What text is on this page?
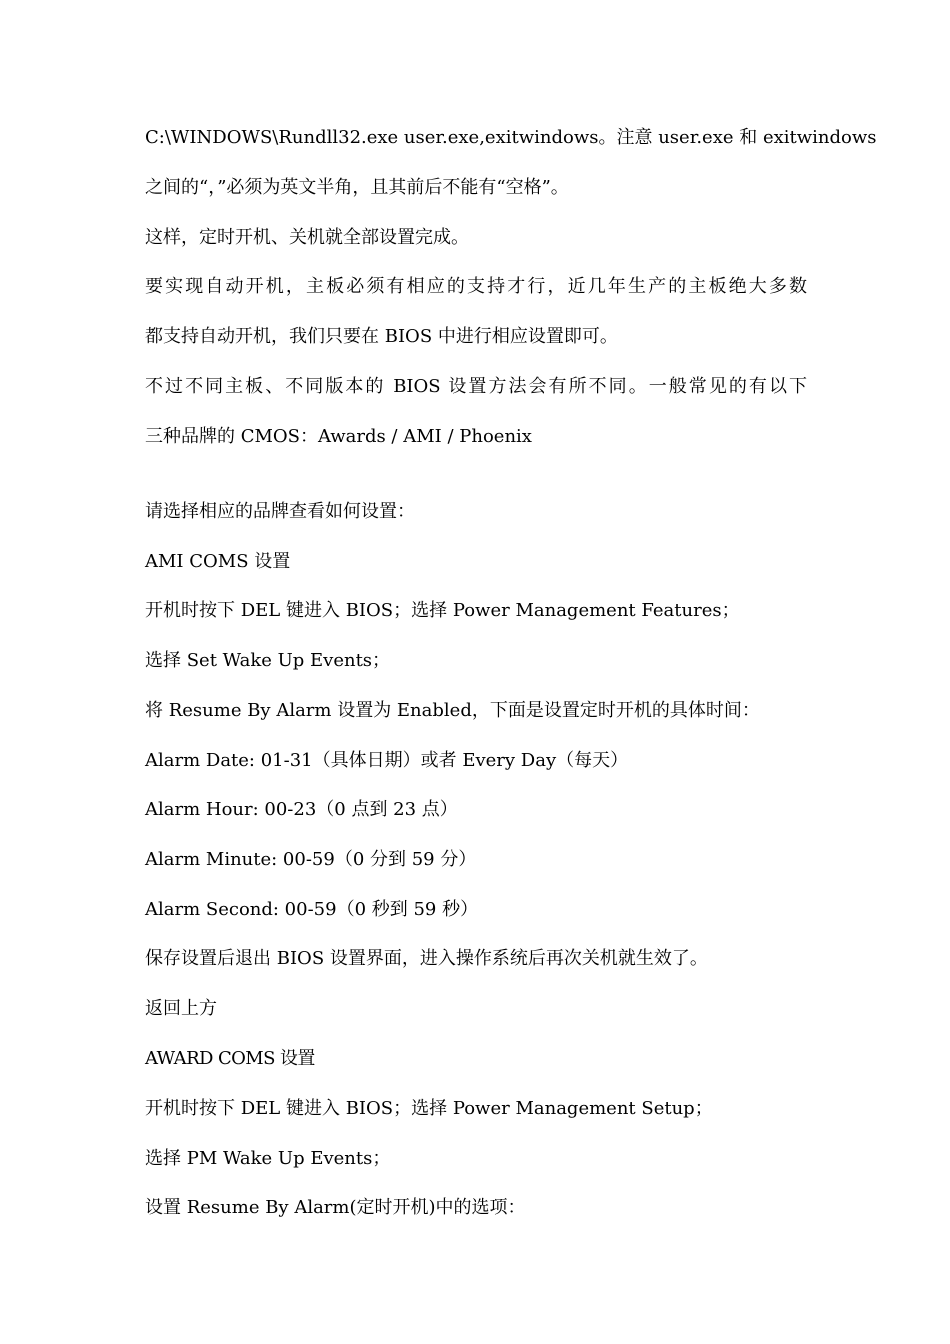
C:\WINDOWS\Rundll32.exe user.exe,exitwindows。注意 user.exe 和 exitwindows

之间的“，”必须为英文半角，且其前后不能有“空格”。

这样，定时开机、关机就全部设置完成。

要实现自动开机，主板必须有相应的支持才行，近几年生产的主板绝大多数

都支持自动开机，我们只要在 BIOS 中进行相应设置即可。

不过不同主板、不同版本的 BIOS 设置方法会有所不同。一般常见的有以下

三种品牌的 CMOS：Awards / AMI / Phoenix

请选择相应的品牌查看如何设置：

AMI COMS 设置

开机时按下 DEL 键进入 BIOS；选择 Power Management Features；

选择 Set Wake Up Events；

将 Resume By Alarm 设置为 Enabled，下面是设置定时开机的具体时间：

Alarm Date: 01-31（具体日期）或者 Every Day（每天）

Alarm Hour: 00-23（0 点到 23 点）

Alarm Minute: 00-59（0 分到 59 分）

Alarm Second: 00-59（0 秒到 59 秒）

保存设置后退出 BIOS 设置界面，进入操作系统后再次关机就生效了。

返回上方

AWARD COMS 设置

开机时按下 DEL 键进入 BIOS；选择 Power Management Setup；

选择 PM Wake Up Events；

设置 Resume By Alarm(定时开机)中的选项：
